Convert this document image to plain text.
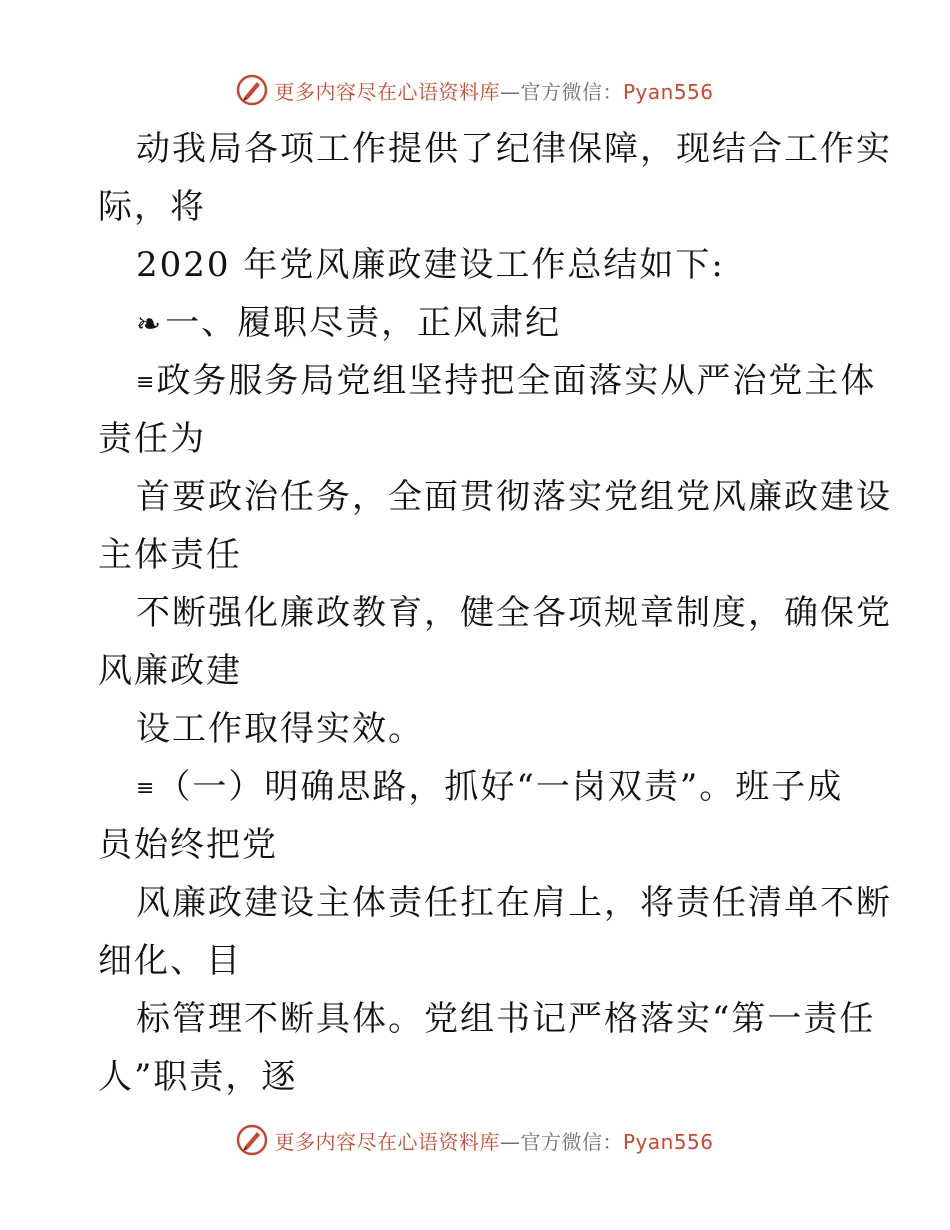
更多内容尽在心语资料库—官方微信：Pyan556
动我局各项工作提供了纪律保障，现结合工作实
际，将
2020 年党风廉政建设工作总结如下:
❧一、履职尽责，正风肃纪
≡政务服务局党组坚持把全面落实从严治党主体
责任为
首要政治任务，全面贯彻落实党组党风廉政建设
主体责任
不断强化廉政教育，健全各项规章制度，确保党
风廉政建
设工作取得实效。
≡（一）明确思路，抓好“一岗双责”。班子成
员始终把党
风廉政建设主体责任扛在肩上，将责任清单不断
细化、目
标管理不断具体。党组书记严格落实“第一责任
人”职责，逐
更多内容尽在心语资料库—官方微信：Pyan556
